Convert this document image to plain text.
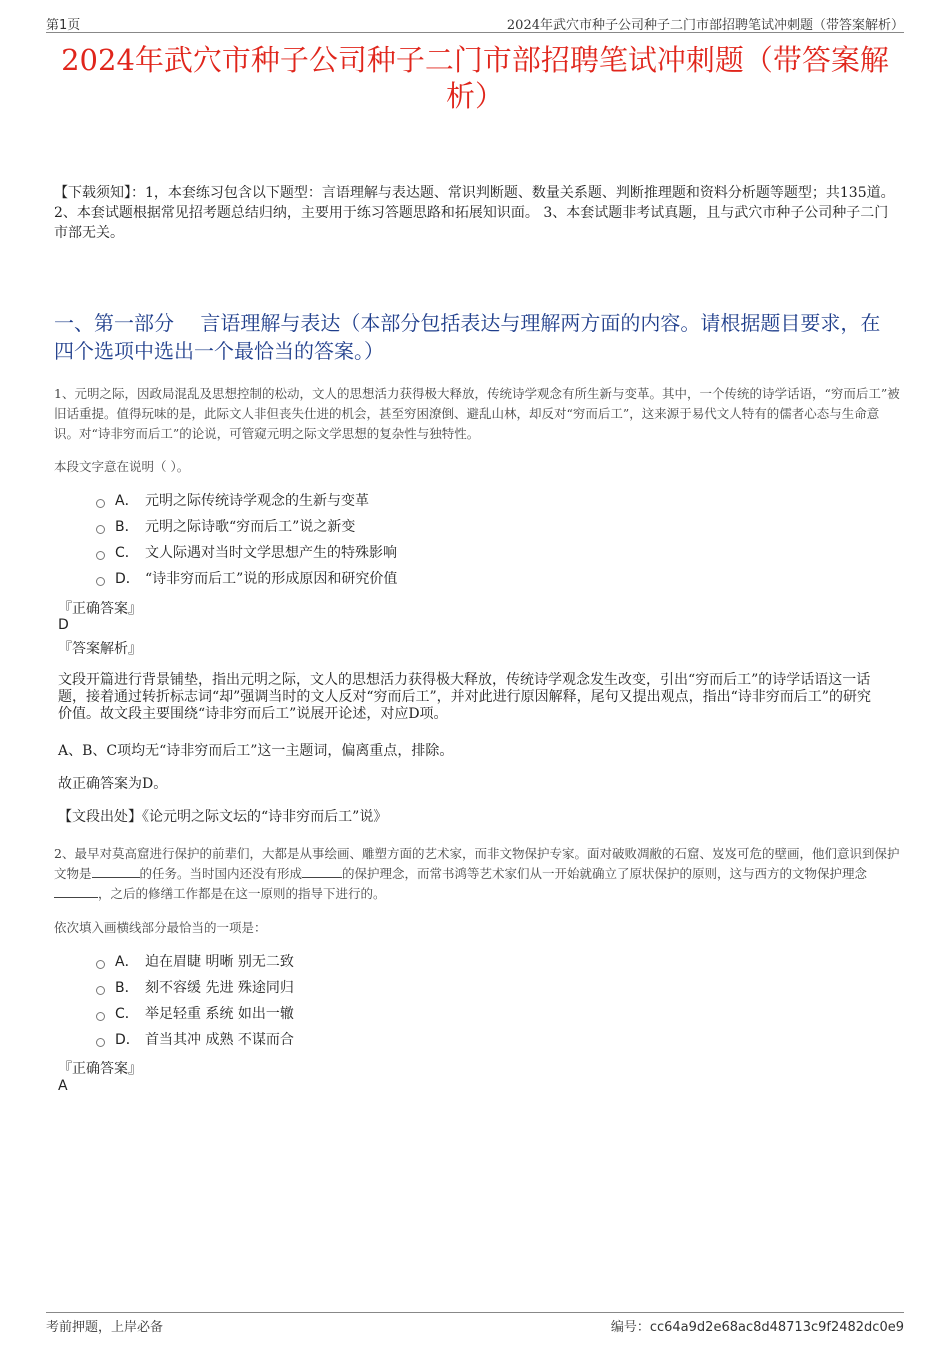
第1页	2024年武穴市种子公司种子二门市部招聘笔试冲刺题（带答案解析）
2024年武穴市种子公司种子二门市部招聘笔试冲刺题（带答案解析）
【下载须知】：1，本套练习包含以下题型：言语理解与表达题、常识判断题、数量关系题、判断推理题和资料分析题等题型；共135道。 2、本套试题根据常见招考题总结归纳，主要用于练习答题思路和拓展知识面。 3、本套试题非考试真题，且与武穴市种子公司种子二门市部无关。
一、第一部分　 言语理解与表达（本部分包括表达与理解两方面的内容。请根据题目要求，在四个选项中选出一个最恰当的答案。）
1、元明之际，因政局混乱及思想控制的松动，文人的思想活力获得极大释放，传统诗学观念有所生新与变革。其中，一个传统的诗学话语，“穷而后工”被旧话重提。值得玩味的是，此际文人非但丧失仕进的机会，甚至穷困潦倒、避乱山林，却反对“穷而后工”，这来源于易代文人特有的儒者心态与生命意识。对“诗非穷而后工”的论说，可管窥元明之际文学思想的复杂性与独特性。
本段文字意在说明（ ）。
A． 元明之际传统诗学观念的生新与变革
B． 元明之际诗歌“穷而后工”说之新变
C． 文人际遇对当时文学思想产生的特殊影响
D． “诗非穷而后工”说的形成原因和研究价值
『正确答案』
D
『答案解析』
文段开篇进行背景铺垫，指出元明之际，文人的思想活力获得极大释放，传统诗学观念发生改变，引出“穷而后工”的诗学话语这一话题，接着通过转折标志词“却”强调当时的文人反对“穷而后工”，并对此进行原因解释，尾句又提出观点，指出“诗非穷而后工”的研究价值。故文段主要围绕“诗非穷而后工”说展开论述，对应D项。
A、B、C项均无“诗非穷而后工”这一主题词，偏离重点，排除。
故正确答案为D。
【文段出处】《论元明之际文坛的“诗非穷而后工”说》
2、最早对莫高窟进行保护的前辈们，大都是从事绘画、雕塑方面的艺术家，而非文物保护专家。面对破败凋敝的石窟、岌岌可危的壁画，他们意识到保护文物是	的任务。当时国内还没有形成	的保护理念，而常书鸿等艺术家们从一开始就确立了原状保护的原则，这与西方的文物保护理念，之后的修缮工作都是在这一原则的指导下进行的。
依次填入画横线部分最恰当的一项是：
A． 迫在眉睫 明晰 别无二致
B． 刻不容缓 先进 殊途同归
C． 举足轻重 系统 如出一辙
D． 首当其冲 成熟 不谋而合
『正确答案』
A
考前押题，上岸必备	编号：cc64a9d2e68ac8d48713c9f2482dc0e9
